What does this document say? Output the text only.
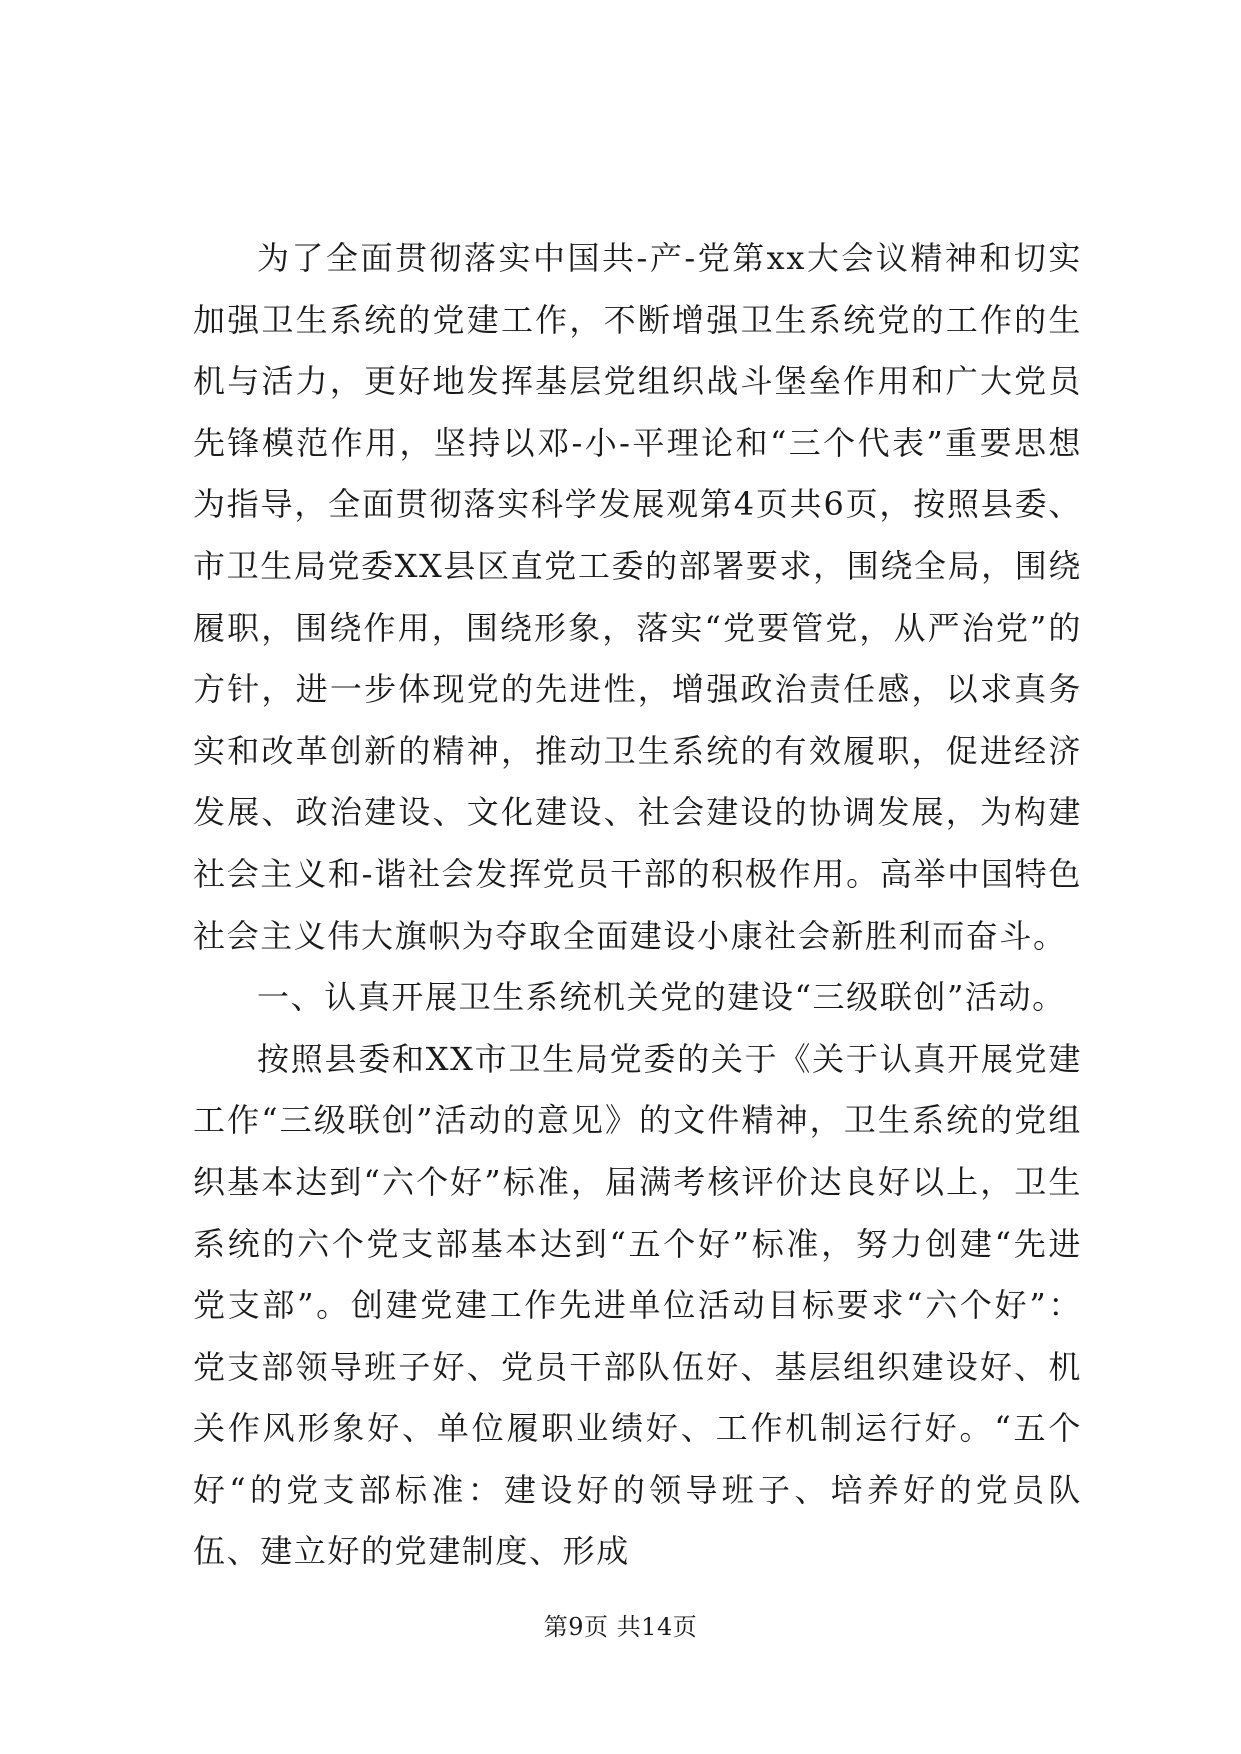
为了全面贯彻落实中国共-产-党第xx大会议精神和切实加强卫生系统的党建工作，不断增强卫生系统党的工作的生机与活力，更好地发挥基层党组织战斗堡垒作用和广大党员先锋模范作用，坚持以邓-小-平理论和“三个代表”重要思想为指导，全面贯彻落实科学发展观第4页共6页，按照县委、市卫生局党委XX县区直党工委的部署要求，围绕全局，围绕履职，围绕作用，围绕形象，落实“党要管党，从严治党”的方针，进一步体现党的先进性，增强政治责任感，以求真务实和改革创新的精神，推动卫生系统的有效履职，促进经济发展、政治建设、文化建设、社会建设的协调发展，为构建社会主义和-谐社会发挥党员干部的积极作用。高举中国特色社会主义伟大旗帜为夺取全面建设小康社会新胜利而奋斗。

一、认真开展卫生系统机关党的建设“三级联创”活动。

按照县委和XX市卫生局党委的关于《关于认真开展党建工作“三级联创”活动的意见》的文件精神，卫生系统的党组织基本达到“六个好”标准，届满考核评价达良好以上，卫生系统的六个党支部基本达到“五个好”标准，努力创建“先进党支部”。创建党建工作先进单位活动目标要求“六个好”：党支部领导班子好、党员干部队伍好、基层组织建设好、机关作风形象好、单位履职业绩好、工作机制运行好。“五个好“的党支部标准：建设好的领导班子、培养好的党员队伍、建立好的党建制度、形成

第9页 共14页
